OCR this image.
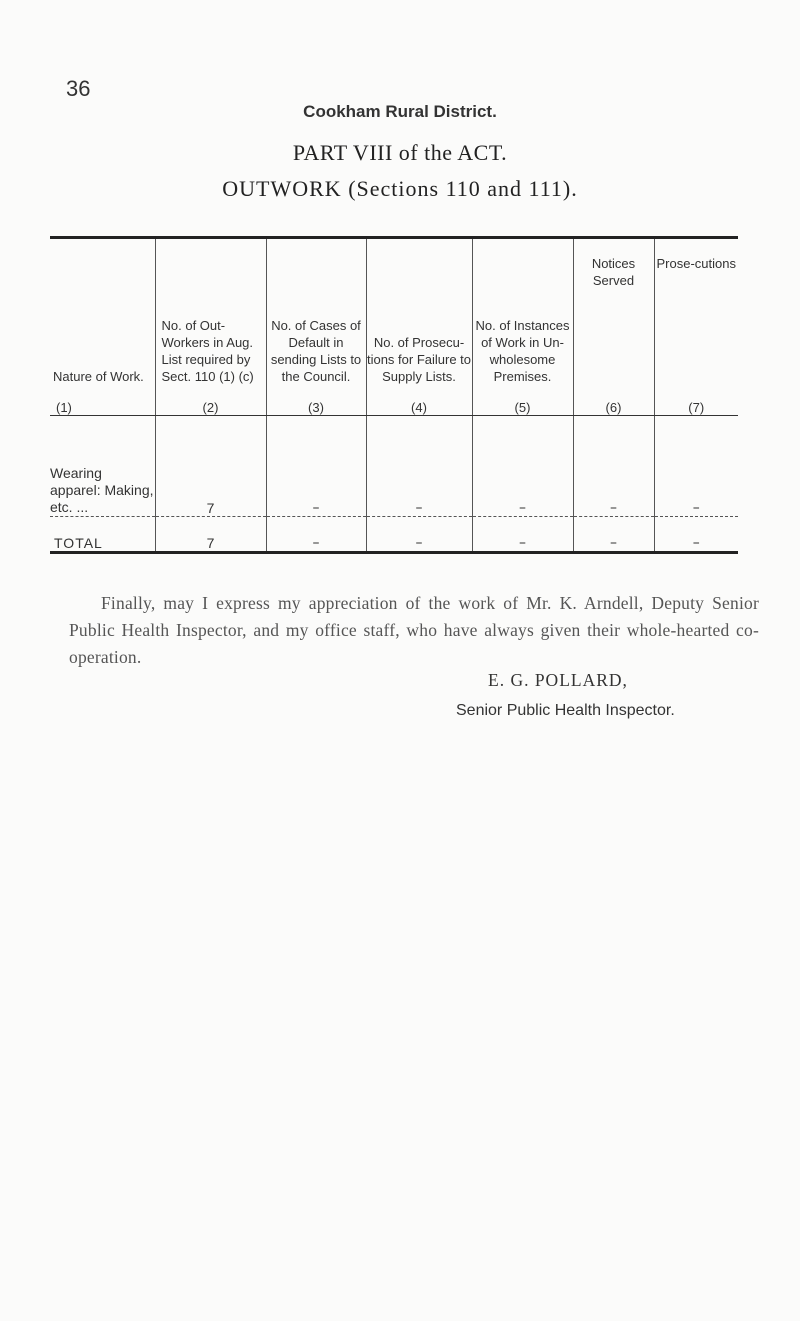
36
Cookham Rural District.
PART VIII of the ACT.
OUTWORK (Sections 110 and 111).
Nature of Work.	No. of Out-Workers in Aug. List required by Sect. 110 (1) (c)	No. of Cases of Default in sending Lists to the Council.	No. of Prosecu-tions for Failure to Supply Lists.	No. of Instances of Work in Un-wholesome Premises.	Notices Served	Prose-cutions

(1)	(2)	(3)	(4)	(5)	(6)	(7)
Wearing apparel: Making, etc. ...	7	–	–	–	–	–
TOTAL	7	–	–	–	–	–

Finally, may I express my appreciation of the work of Mr. K. Arndell, Deputy Senior Public Health Inspector, and my office staff, who have always given their whole-hearted co-operation.

E. G. POLLARD,
Senior Public Health Inspector.
